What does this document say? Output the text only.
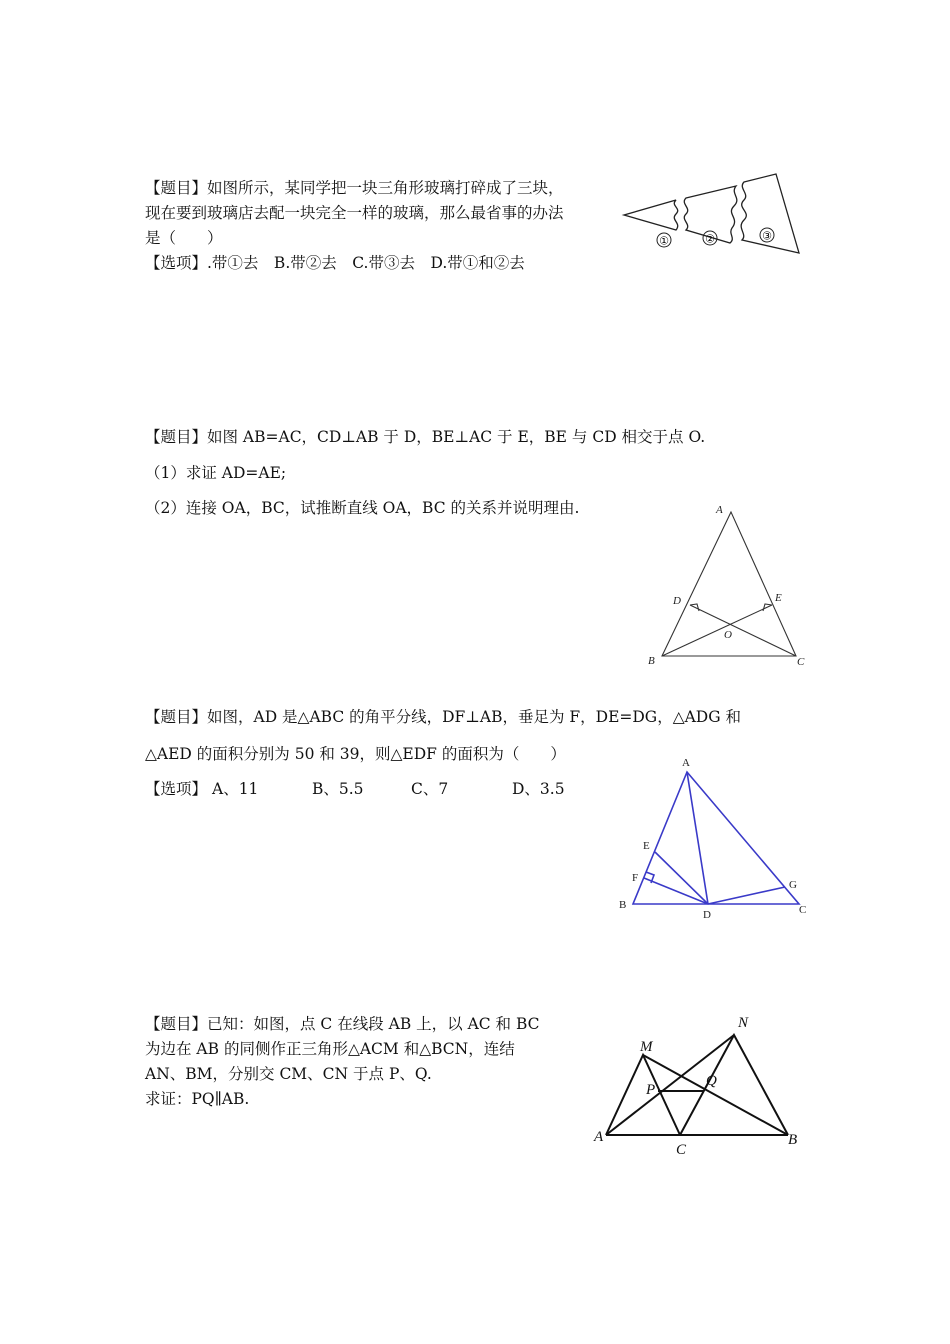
【题目】如图所示，某同学把一块三角形玻璃打碎成了三块，
现在要到玻璃店去配一块完全一样的玻璃，那么最省事的办法
是（　　）
【选项】.带①去　B.带②去　C.带③去　D.带①和②去
①	②	③
【题目】如图 AB=AC，CD⊥AB 于 D，BE⊥AC 于 E，BE 与 CD 相交于点 O.
（1）求证 AD=AE;
（2）连接 OA，BC，试推断直线 OA，BC 的关系并说明理由.	A
B	C
D	E
O
【题目】如图，AD 是△ABC 的角平分线，DF⊥AB，垂足为 F，DE=DG，△ADG 和
△AED 的面积分别为 50 和 39，则△EDF 的面积为（　　）
【选项】 A、11	B、5.5	C、7	D、3.5
A
B	C
D
E
F
G
【题目】已知：如图，点 C 在线段 AB 上，以 AC 和 BC
为边在 AB 的同侧作正三角形△ACM 和△BCN，连结
AN、BM，分别交 CM、CN 于点 P、Q.
求证：PQ∥AB.
A	B
C
M
N
P
Q
